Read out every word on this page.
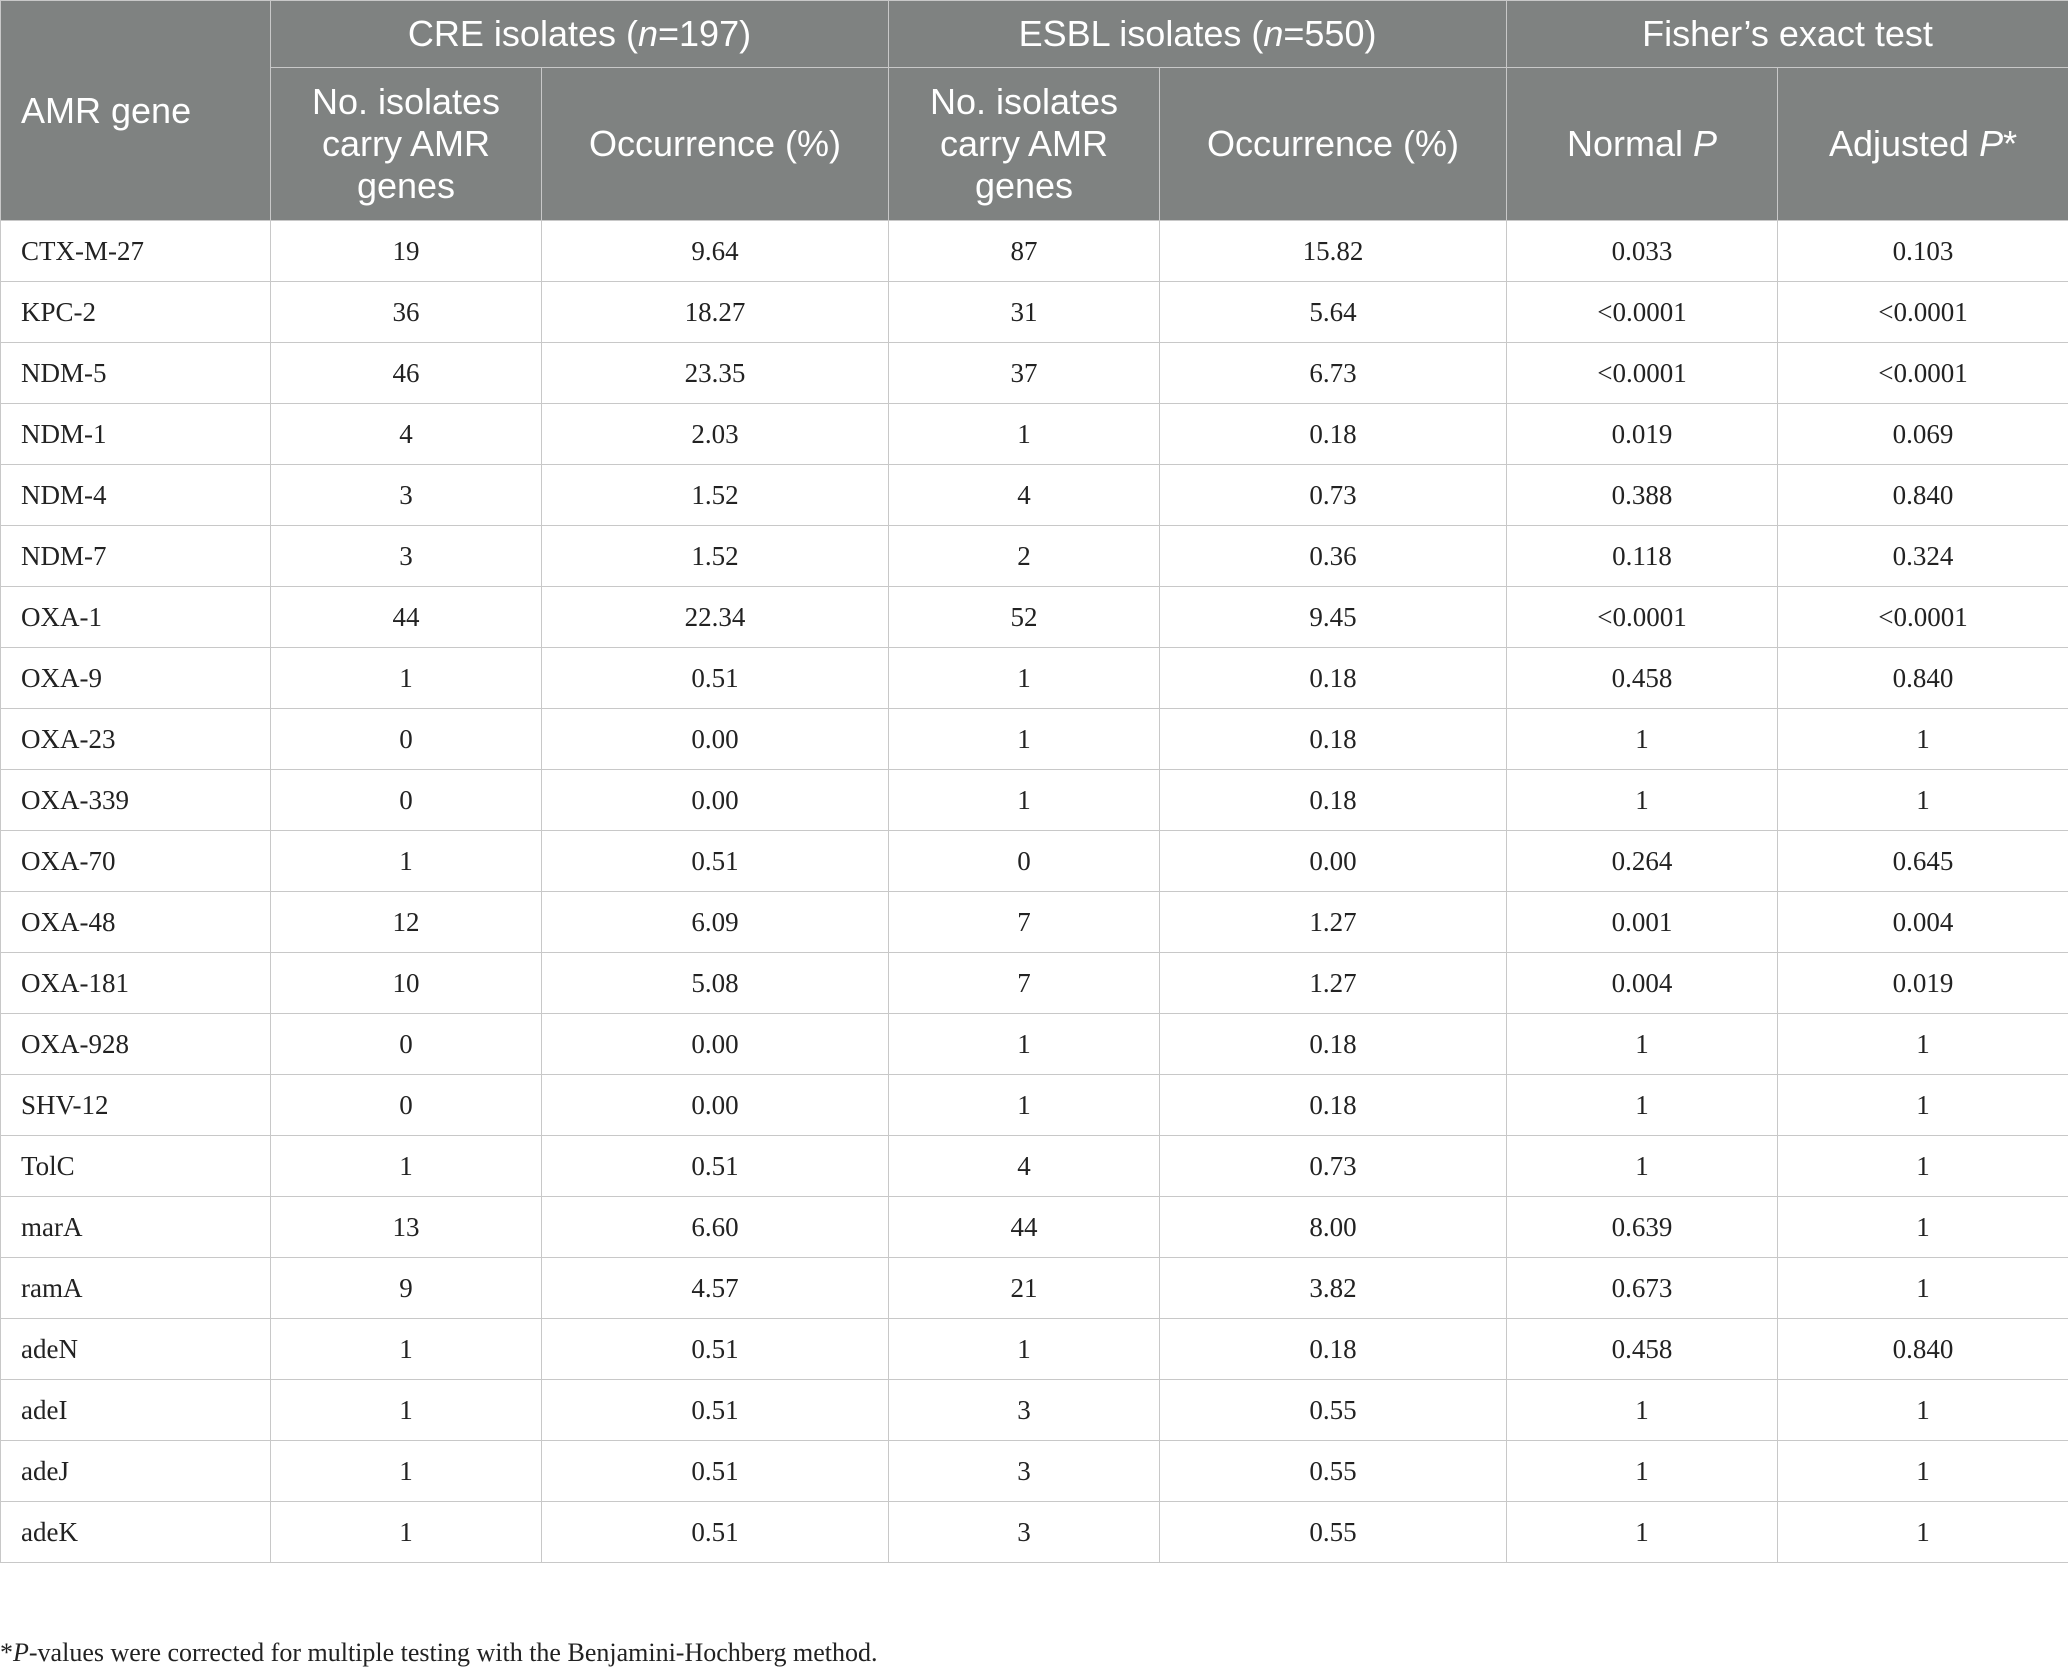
AMR gene	CRE isolates (n=197)		ESBL isolates (n=550)		Fisher’s exact test	
	No. isolates carry AMR genes	Occurrence (%)	No. isolates carry AMR genes	Occurrence (%)	Normal P	Adjusted P*
CTX-M-27	19	9.64	87	15.82	0.033	0.103
KPC-2	36	18.27	31	5.64	<0.0001	<0.0001
NDM-5	46	23.35	37	6.73	<0.0001	<0.0001
NDM-1	4	2.03	1	0.18	0.019	0.069
NDM-4	3	1.52	4	0.73	0.388	0.840
NDM-7	3	1.52	2	0.36	0.118	0.324
OXA-1	44	22.34	52	9.45	<0.0001	<0.0001
OXA-9	1	0.51	1	0.18	0.458	0.840
OXA-23	0	0.00	1	0.18	1	1
OXA-339	0	0.00	1	0.18	1	1
OXA-70	1	0.51	0	0.00	0.264	0.645
OXA-48	12	6.09	7	1.27	0.001	0.004
OXA-181	10	5.08	7	1.27	0.004	0.019
OXA-928	0	0.00	1	0.18	1	1
SHV-12	0	0.00	1	0.18	1	1
TolC	1	0.51	4	0.73	1	1
marA	13	6.60	44	8.00	0.639	1
ramA	9	4.57	21	3.82	0.673	1
adeN	1	0.51	1	0.18	0.458	0.840
adeI	1	0.51	3	0.55	1	1
adeJ	1	0.51	3	0.55	1	1
adeK	1	0.51	3	0.55	1	1
*P-values were corrected for multiple testing with the Benjamini-Hochberg method.
